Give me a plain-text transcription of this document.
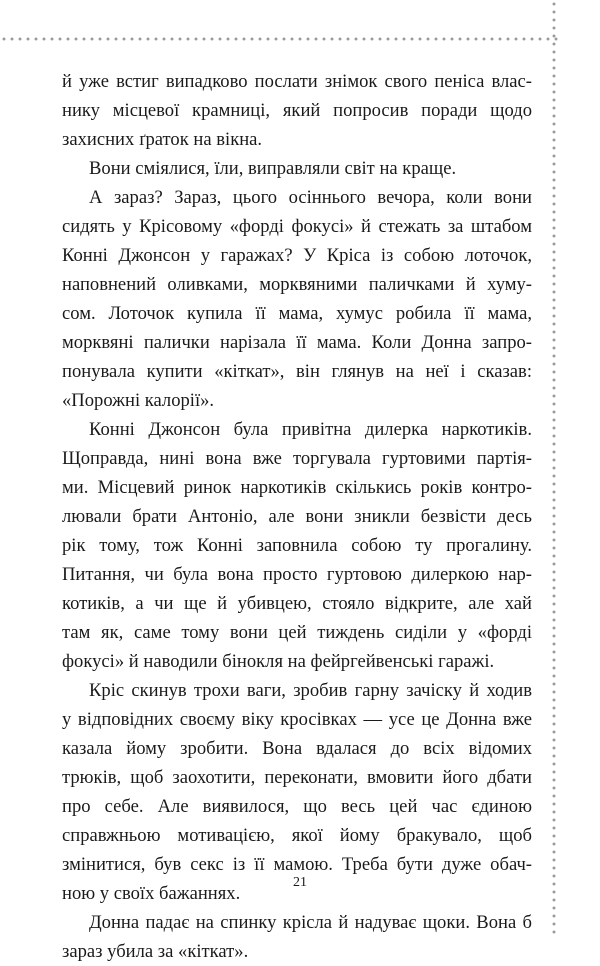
й уже встиг випадково послати знімок свого пеніса влас-
нику місцевої крамниці, який попросив поради щодо
захисних ґраток на вікна.
Вони сміялися, їли, виправляли світ на краще.
А зараз? Зараз, цього осіннього вечора, коли вони
сидять у Крісовому «форді фокусі» й стежать за штабом
Конні Джонсон у гаражах? У Кріса із собою лоточок,
наповнений оливками, морквяними паличками й хуму-
сом. Лоточок купила її мама, хумус робила її мама,
морквяні палички нарізала її мама. Коли Донна запро-
понувала купити «кіткат», він глянув на неї і сказав:
«Порожні калорії».
Конні Джонсон була привітна дилерка наркотиків.
Щоправда, нині вона вже торгувала гуртовими партія-
ми. Місцевий ринок наркотиків скількись років контро-
лювали брати Антоніо, але вони зникли безвісти десь
рік тому, тож Конні заповнила собою ту прогалину.
Питання, чи була вона просто гуртовою дилеркою нар-
котиків, а чи ще й убивцею, стояло відкрите, але хай
там як, саме тому вони цей тиждень сиділи у «форді
фокусі» й наводили бінокля на фейргейвенські гаражі.
Кріс скинув трохи ваги, зробив гарну зачіску й ходив
у відповідних своєму віку кросівках — усе це Донна вже
казала йому зробити. Вона вдалася до всіх відомих
трюків, щоб заохотити, переконати, вмовити його дбати
про себе. Але виявилося, що весь цей час єдиною
справжньою мотивацією, якої йому бракувало, щоб
змінитися, був секс із її мамою. Треба бути дуже обач-
ною у своїх бажаннях.
Донна падає на спинку крісла й надуває щоки. Вона б
зараз убила за «кіткат».
21
